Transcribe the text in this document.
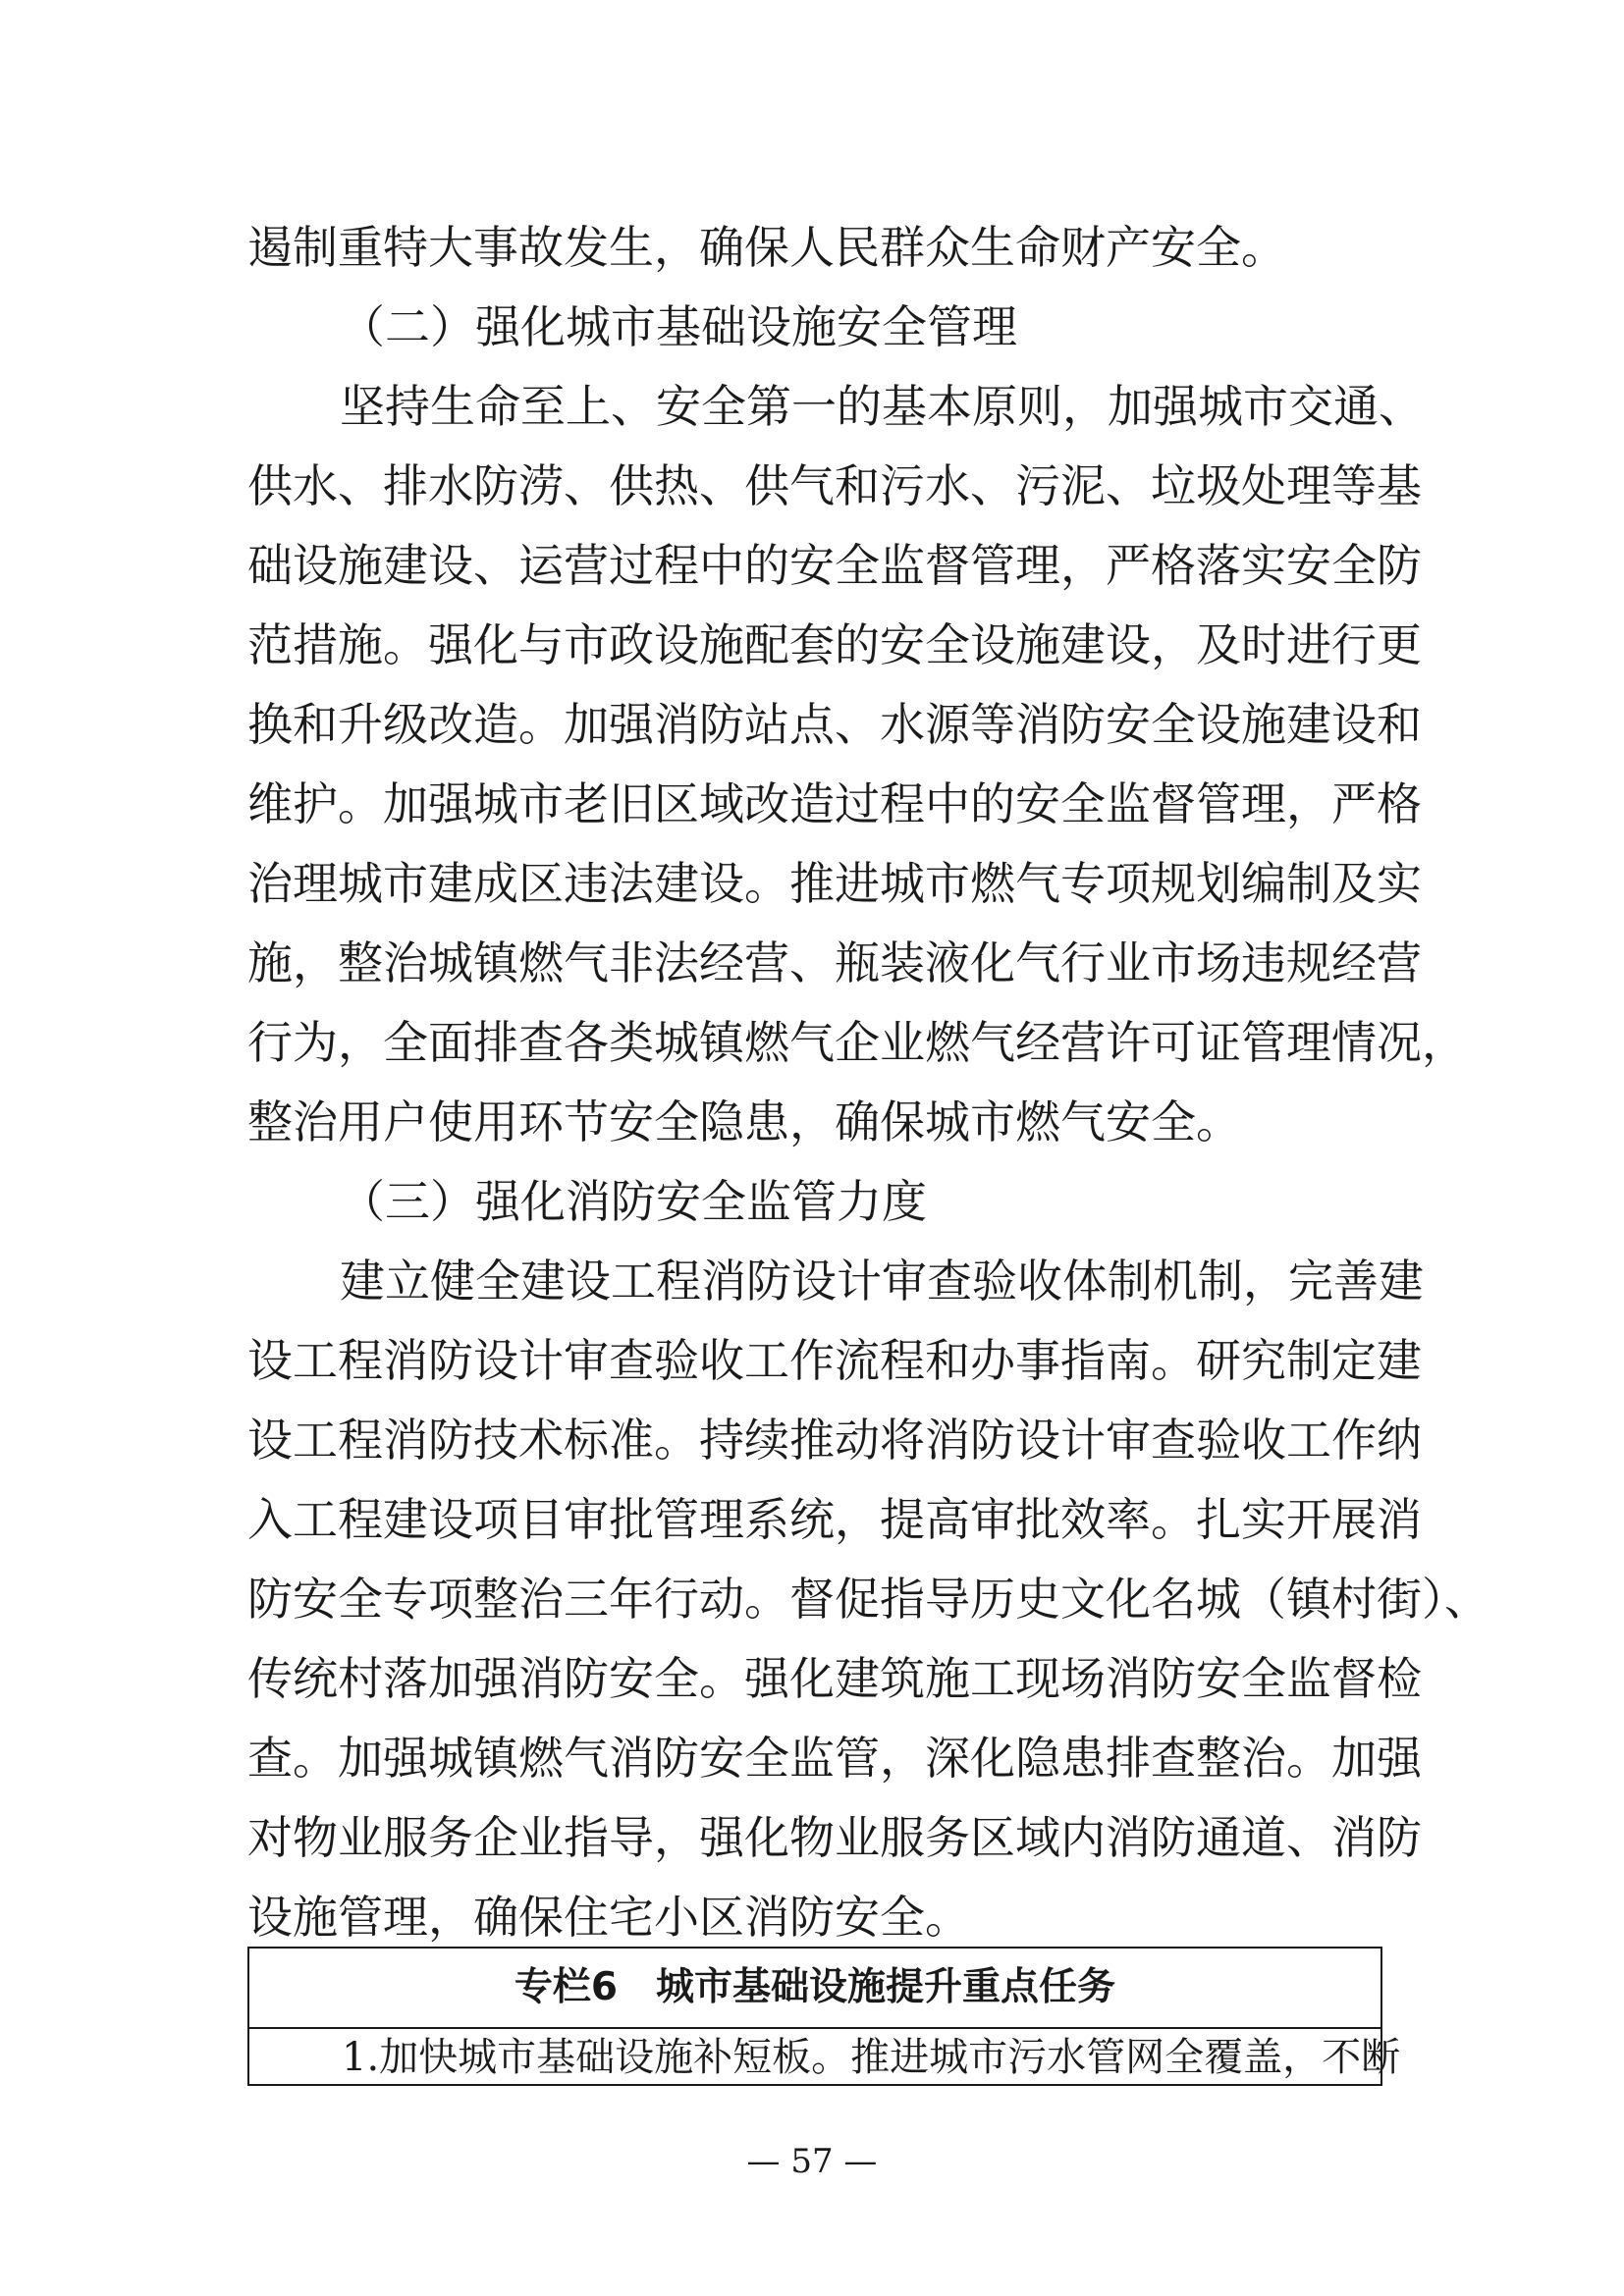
遏制重特大事故发生，确保人民群众生命财产安全。
（二）强化城市基础设施安全管理
坚持生命至上、安全第一的基本原则，加强城市交通、
供水、排水防涝、供热、供气和污水、污泥、垃圾处理等基
础设施建设、运营过程中的安全监督管理，严格落实安全防
范措施。强化与市政设施配套的安全设施建设，及时进行更
换和升级改造。加强消防站点、水源等消防安全设施建设和
维护。加强城市老旧区域改造过程中的安全监督管理，严格
治理城市建成区违法建设。推进城市燃气专项规划编制及实
施，整治城镇燃气非法经营、瓶装液化气行业市场违规经营
行为，全面排查各类城镇燃气企业燃气经营许可证管理情况，
整治用户使用环节安全隐患，确保城市燃气安全。
（三）强化消防安全监管力度
建立健全建设工程消防设计审查验收体制机制，完善建
设工程消防设计审查验收工作流程和办事指南。研究制定建
设工程消防技术标准。持续推动将消防设计审查验收工作纳
入工程建设项目审批管理系统，提高审批效率。扎实开展消
防安全专项整治三年行动。督促指导历史文化名城（镇村街）、
传统村落加强消防安全。强化建筑施工现场消防安全监督检
查。加强城镇燃气消防安全监管，深化隐患排查整治。加强
对物业服务企业指导，强化物业服务区域内消防通道、消防
设施管理，确保住宅小区消防安全。
专栏6　城市基础设施提升重点任务
1.加快城市基础设施补短板。推进城市污水管网全覆盖，不断
— 57 —
